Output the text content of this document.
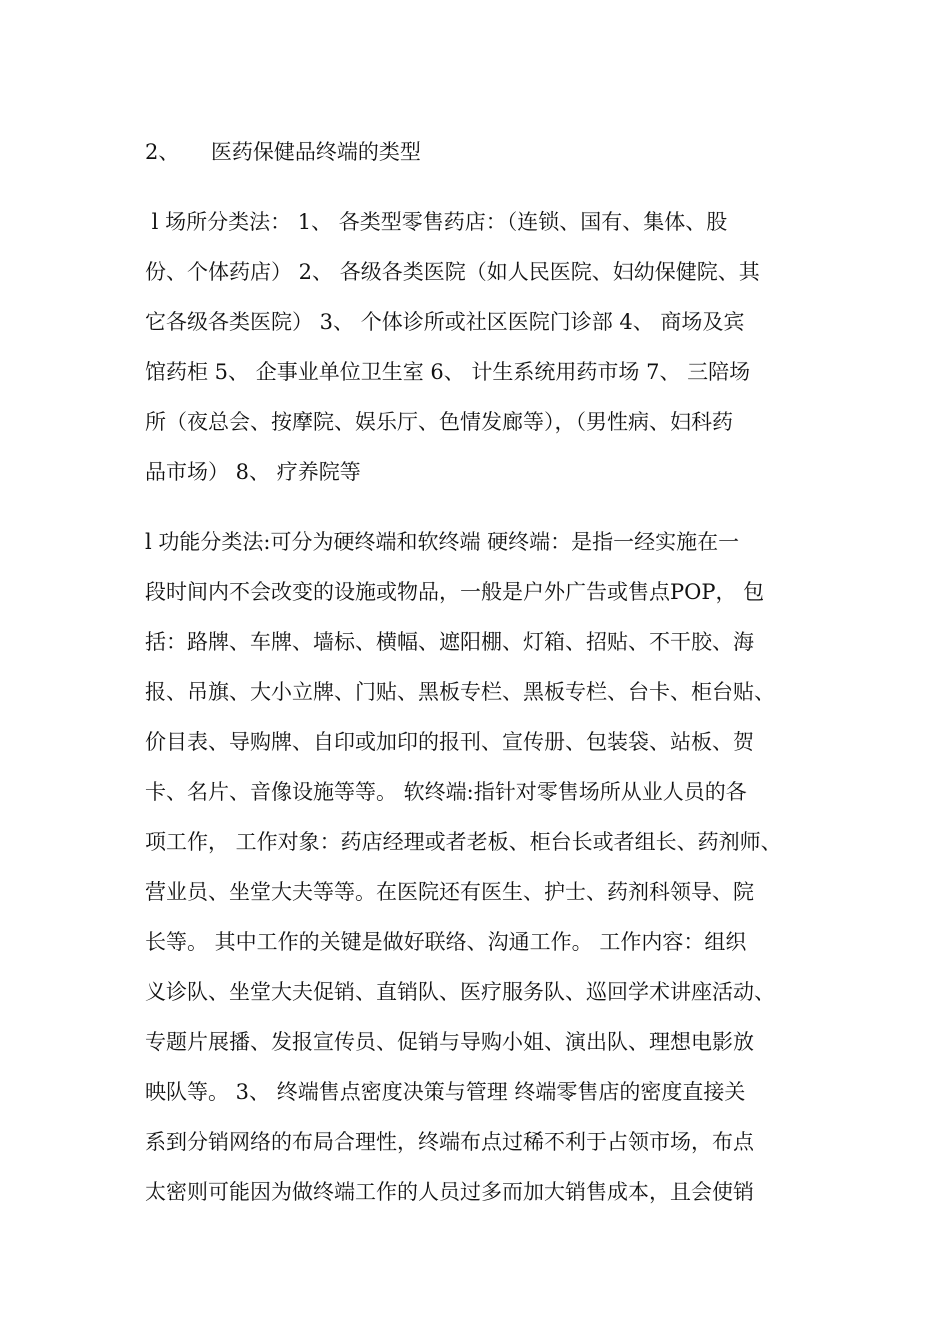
2、　　医药保健品终端的类型
l 场所分类法： 1、 各类型零售药店：（连锁、国有、集体、股
份、个体药店） 2、 各级各类医院（如人民医院、妇幼保健院、其
它各级各类医院） 3、 个体诊所或社区医院门诊部 4、 商场及宾
馆药柜 5、 企事业单位卫生室 6、 计生系统用药市场 7、 三陪场
所（夜总会、按摩院、娱乐厅、色情发廊等），（男性病、妇科药
品市场） 8、 疗养院等
l 功能分类法:可分为硬终端和软终端 硬终端：是指一经实施在一
段时间内不会改变的设施或物品，一般是户外广告或售点POP， 包
括：路牌、车牌、墙标、横幅、遮阳棚、灯箱、招贴、不干胶、海
报、吊旗、大小立牌、门贴、黑板专栏、黑板专栏、台卡、柜台贴、
价目表、导购牌、自印或加印的报刊、宣传册、包装袋、站板、贺
卡、名片、音像设施等等。 软终端:指针对零售场所从业人员的各
项工作， 工作对象：药店经理或者老板、柜台长或者组长、药剂师、
营业员、坐堂大夫等等。在医院还有医生、护士、药剂科领导、院
长等。 其中工作的关键是做好联络、沟通工作。 工作内容：组织
义诊队、坐堂大夫促销、直销队、医疗服务队、巡回学术讲座活动、
专题片展播、发报宣传员、促销与导购小姐、演出队、理想电影放
映队等。 3、 终端售点密度决策与管理 终端零售店的密度直接关
系到分销网络的布局合理性，终端布点过稀不利于占领市场，布点
太密则可能因为做终端工作的人员过多而加大销售成本，且会使销
